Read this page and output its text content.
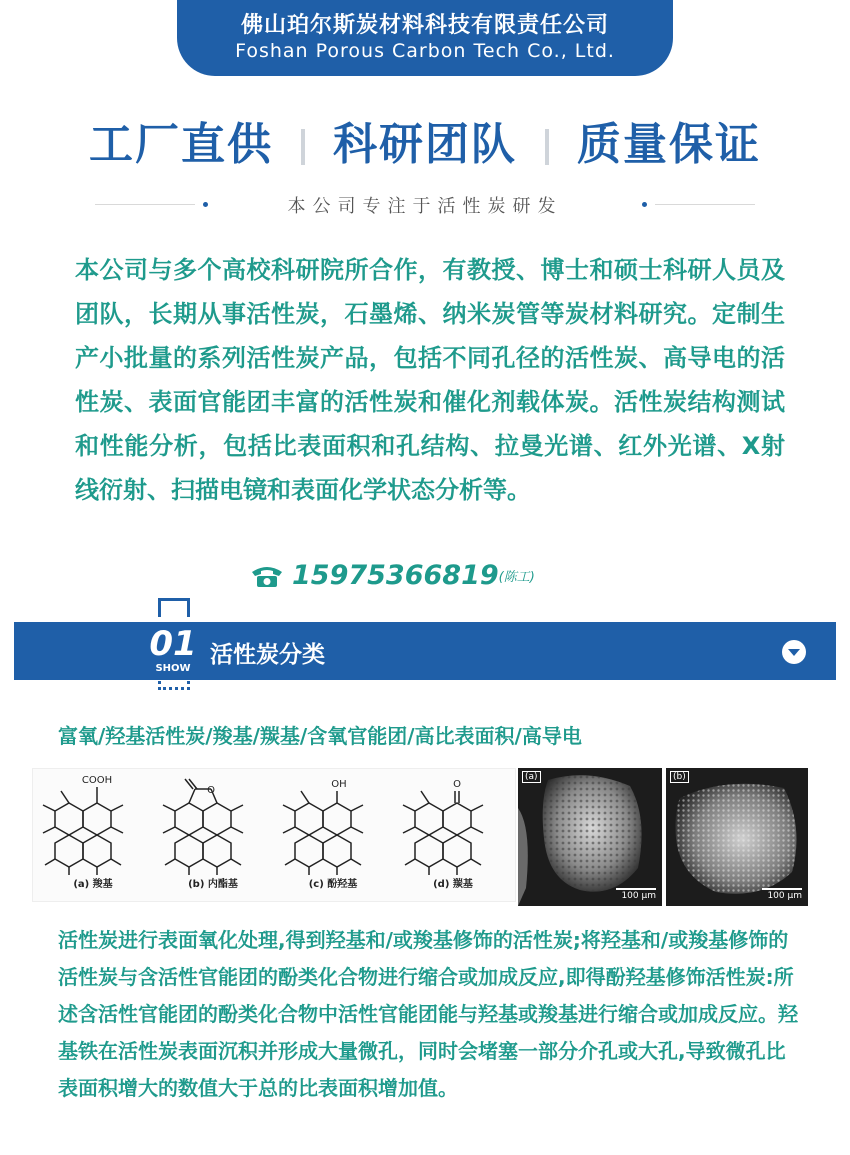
佛山珀尔斯炭材料科技有限责任公司
Foshan Porous Carbon Tech Co., Ltd.
工厂直供 科研团队 质量保证
本公司专注于活性炭研发
本公司与多个高校科研院所合作，有教授、博士和硕士科研人员及团队，长期从事活性炭，石墨烯、纳米炭管等炭材料研究。定制生产小批量的系列活性炭产品，包括不同孔径的活性炭、高导电的活性炭、表面官能团丰富的活性炭和催化剂载体炭。活性炭结构测试和性能分析，包括比表面积和孔结构、拉曼光谱、红外光谱、X射线衍射、扫描电镜和表面化学状态分析等。
15975366819(陈工)
01
SHOW
活性炭分类
富氧/羟基活性炭/羧基/羰基/含氧官能团/高比表面积/高导电
COOH
(a) 羧基
O
(b) 内酯基
OH
(c) 酚羟基
O
(d) 羰基
(a)
100 μm
(b)
100 μm
活性炭进行表面氧化处理,得到羟基和/或羧基修饰的活性炭;将羟基和/或羧基修饰的活性炭与含活性官能团的酚类化合物进行缩合或加成反应,即得酚羟基修饰活性炭:所述含活性官能团的酚类化合物中活性官能团能与羟基或羧基进行缩合或加成反应。羟基铁在活性炭表面沉积并形成大量微孔，同时会堵塞一部分介孔或大孔,导致微孔比表面积增大的数值大于总的比表面积增加值。
